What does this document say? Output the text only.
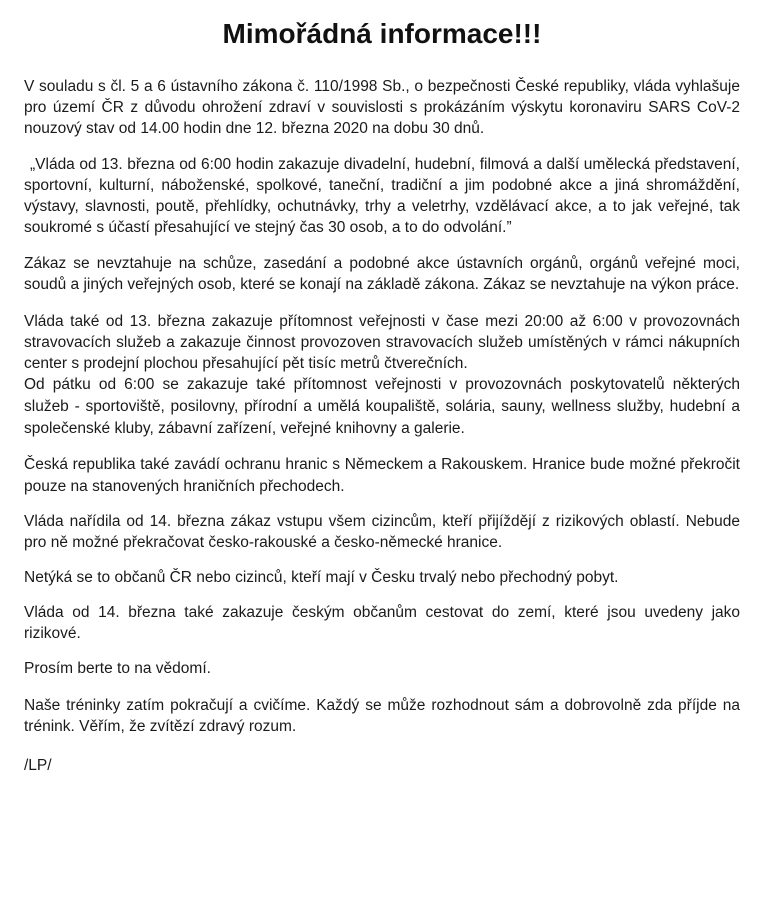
Mimořádná informace!!!

V souladu s čl. 5 a 6 ústavního zákona č. 110/1998 Sb., o bezpečnosti České republiky, vláda vyhlašuje pro území ČR z důvodu ohrožení zdraví v souvislosti s prokázáním výskytu koronaviru SARS CoV-2 nouzový stav od 14.00 hodin dne 12. března 2020 na dobu 30 dnů.

„Vláda od 13. března od 6:00 hodin zakazuje divadelní, hudební, filmová a další umělecká představení, sportovní, kulturní, náboženské, spolkové, taneční, tradiční a jim podobné akce a jiná shromáždění, výstavy, slavnosti, poutě, přehlídky, ochutnávky, trhy a veletrhy, vzdělávací akce, a to jak veřejné, tak soukromé s účastí přesahující ve stejný čas 30 osob, a to do odvolání.”

Zákaz se nevztahuje na schůze, zasedání a podobné akce ústavních orgánů, orgánů veřejné moci, soudů a jiných veřejných osob, které se konají na základě zákona. Zákaz se nevztahuje na výkon práce.

Vláda také od 13. března zakazuje přítomnost veřejnosti v čase mezi 20:00 až 6:00 v provozovnách stravovacích služeb a zakazuje činnost provozoven stravovacích služeb umístěných v rámci nákupních center s prodejní plochou přesahující pět tisíc metrů čtverečních.

Od pátku od 6:00 se zakazuje také přítomnost veřejnosti v provozovnách poskytovatelů některých služeb - sportoviště, posilovny, přírodní a umělá koupaliště, solária, sauny, wellness služby, hudební a společenské kluby, zábavní zařízení, veřejné knihovny a galerie.

Česká republika také zavádí ochranu hranic s Německem a Rakouskem. Hranice bude možné překročit pouze na stanovených hraničních přechodech.

Vláda nařídila od 14. března zákaz vstupu všem cizincům, kteří přijíždějí z rizikových oblastí. Nebude pro ně možné překračovat česko-rakouské a česko-německé hranice.

Netýká se to občanů ČR nebo cizinců, kteří mají v Česku trvalý nebo přechodný pobyt.

Vláda od 14. března také zakazuje českým občanům cestovat do zemí, které jsou uvedeny jako rizikové.

Prosím berte to na vědomí.

Naše tréninky zatím pokračují a cvičíme. Každý se může rozhodnout sám a dobrovolně zda příjde na trénink. Věřím, že zvítězí zdravý rozum.

/LP/
